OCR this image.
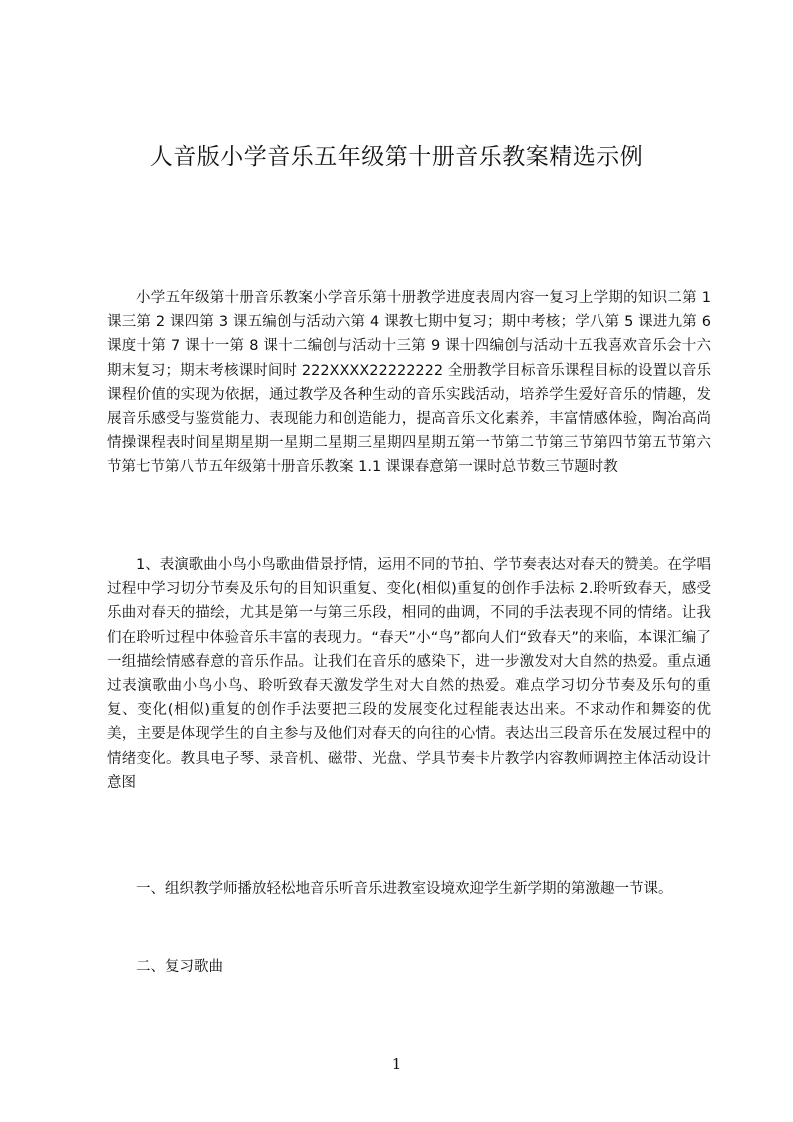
人音版小学音乐五年级第十册音乐教案精选示例

小学五年级第十册音乐教案小学音乐第十册教学进度表周内容一复习上学期的知识二第 1 课三第 2 课四第 3 课五编创与活动六第 4 课教七期中复习；期中考核；学八第 5 课进九第 6 课度十第 7 课十一第 8 课十二编创与活动十三第 9 课十四编创与活动十五我喜欢音乐会十六期末复习；期末考核课时间时 222XXXX22222222 全册教学目标音乐课程目标的设置以音乐课程价值的实现为依据，通过教学及各种生动的音乐实践活动，培养学生爱好音乐的情趣，发展音乐感受与鉴赏能力、表现能力和创造能力，提高音乐文化素养，丰富情感体验，陶冶高尚情操课程表时间星期星期一星期二星期三星期四星期五第一节第二节第三节第四节第五节第六节第七节第八节五年级第十册音乐教案 1.1 课课春意第一课时总节数三节题时教

1、表演歌曲小鸟小鸟歌曲借景抒情，运用不同的节拍、学节奏表达对春天的赞美。在学唱过程中学习切分节奏及乐句的目知识重复、变化(相似)重复的创作手法标 2.聆听致春天，感受乐曲对春天的描绘，尤其是第一与第三乐段，相同的曲调，不同的手法表现不同的情绪。让我们在聆听过程中体验音乐丰富的表现力。“春天”小“鸟”都向人们“致春天”的来临，本课汇编了一组描绘情感春意的音乐作品。让我们在音乐的感染下，进一步激发对大自然的热爱。重点通过表演歌曲小鸟小鸟、聆听致春天激发学生对大自然的热爱。难点学习切分节奏及乐句的重复、变化(相似)重复的创作手法要把三段的发展变化过程能表达出来。不求动作和舞姿的优美，主要是体现学生的自主参与及他们对春天的向往的心情。表达出三段音乐在发展过程中的情绪变化。教具电子琴、录音机、磁带、光盘、学具节奏卡片教学内容教师调控主体活动设计意图

一、组织教学师播放轻松地音乐听音乐进教室设境欢迎学生新学期的第激趣一节课。

二、复习歌曲

1
